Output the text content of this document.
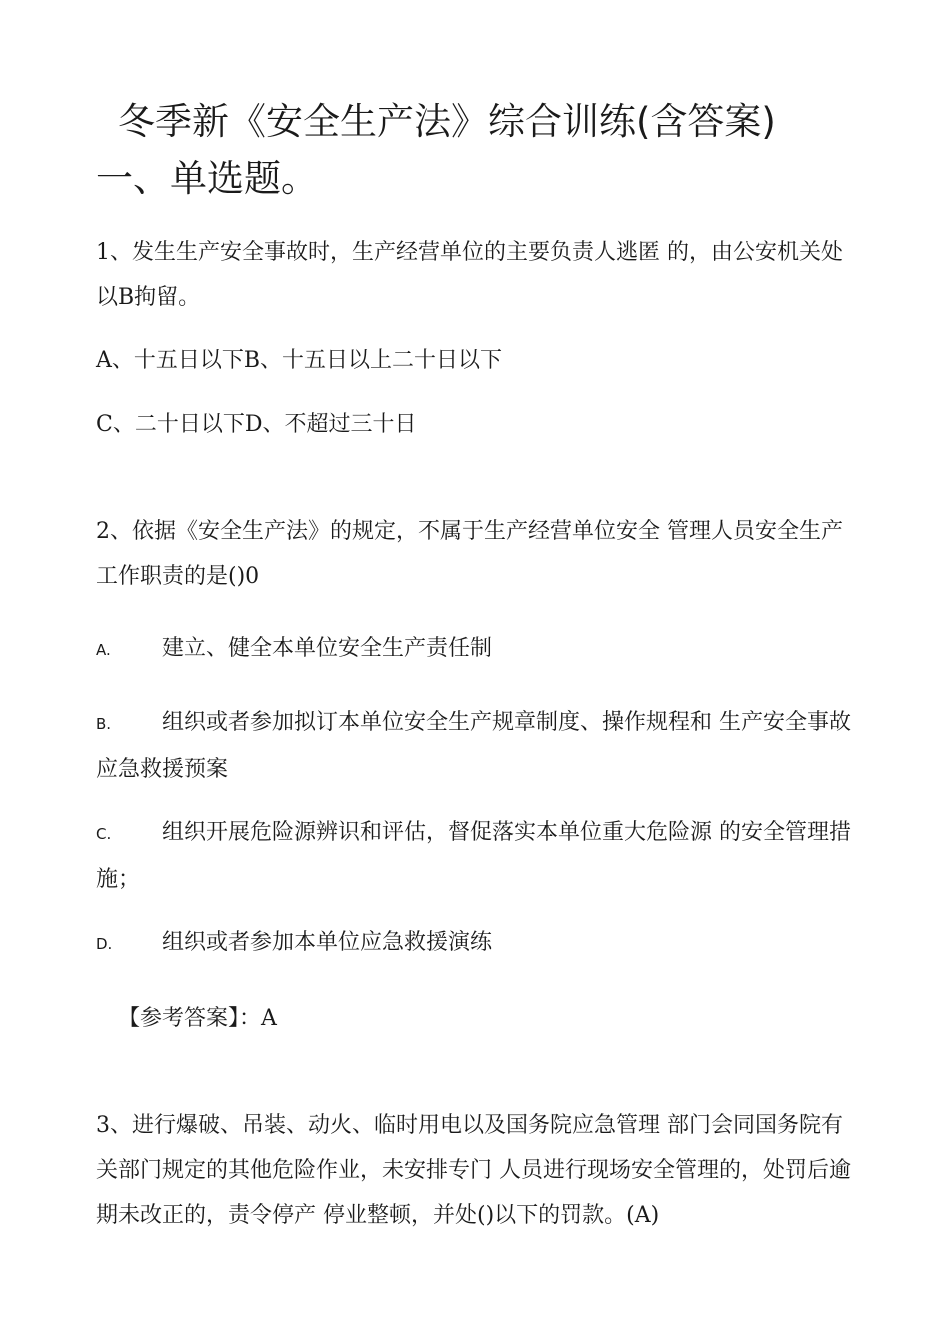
冬季新《安全生产法》综合训练(含答案)
一、单选题。
1、发生生产安全事故时，生产经营单位的主要负责人逃匿 的，由公安机关处
以B拘留。
A、十五日以下B、十五日以上二十日以下
C、二十日以下D、不超过三十日
2、依据《安全生产法》的规定，不属于生产经营单位安全 管理人员安全生产
工作职责的是()0
A. 建立、健全本单位安全生产责任制
B. 组织或者参加拟订本单位安全生产规章制度、操作规程和 生产安全事故
应急救援预案
C. 组织开展危险源辨识和评估，督促落实本单位重大危险源 的安全管理措
施；
D. 组织或者参加本单位应急救援演练
【参考答案】：A
3、进行爆破、吊装、动火、临时用电以及国务院应急管理 部门会同国务院有
关部门规定的其他危险作业，未安排专门 人员进行现场安全管理的，处罚后逾
期未改正的，责令停产 停业整顿，并处()以下的罚款。(A)
